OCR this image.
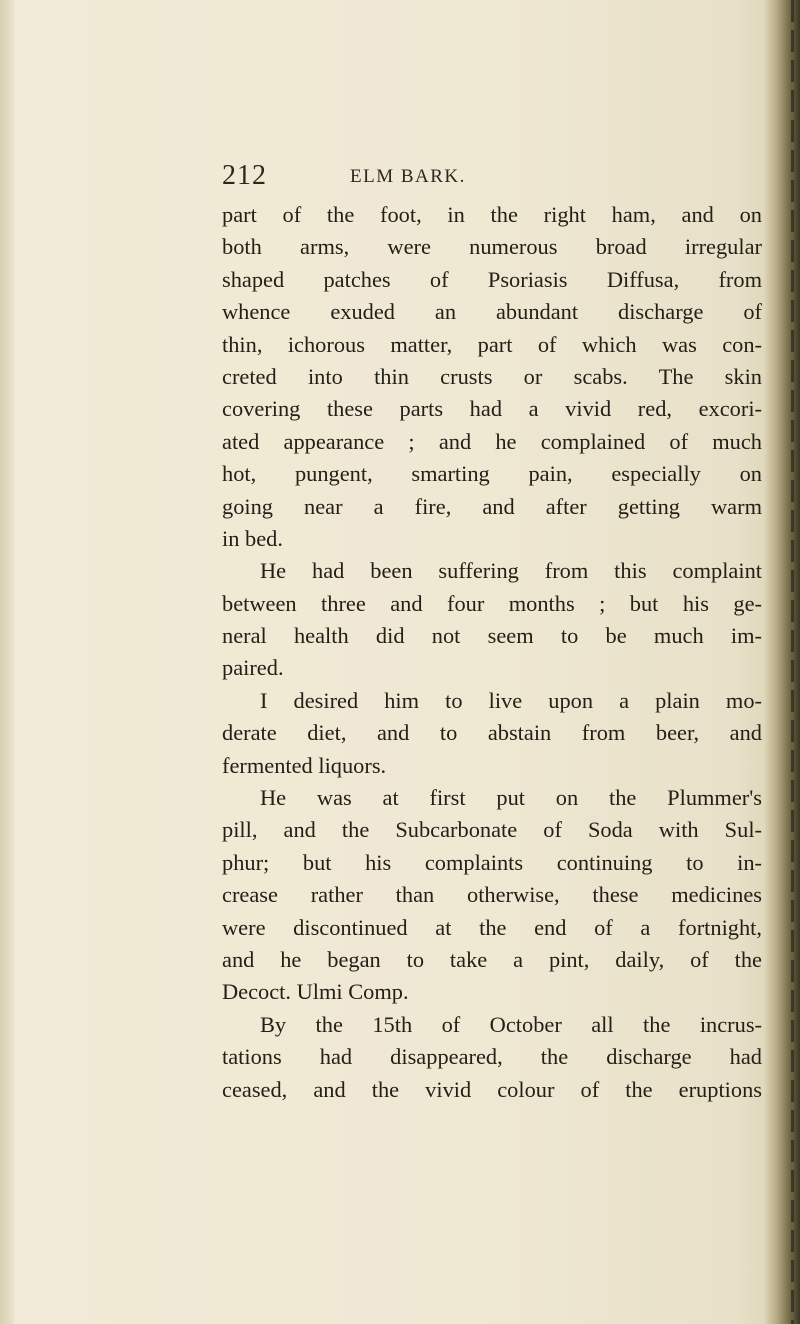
212	ELM BARK.
part of the foot, in the right ham, and on
both arms, were numerous broad irregular
shaped patches of Psoriasis Diffusa, from
whence exuded an abundant discharge of
thin, ichorous matter, part of which was con-
creted into thin crusts or scabs. The skin
covering these parts had a vivid red, excori-
ated appearance ; and he complained of much
hot, pungent, smarting pain, especially on
going near a fire, and after getting warm
in bed.
He had been suffering from this complaint
between three and four months ; but his ge-
neral health did not seem to be much im-
paired.
I desired him to live upon a plain mo-
derate diet, and to abstain from beer, and
fermented liquors.
He was at first put on the Plummer's
pill, and the Subcarbonate of Soda with Sul-
phur; but his complaints continuing to in-
crease rather than otherwise, these medicines
were discontinued at the end of a fortnight,
and he began to take a pint, daily, of the
Decoct. Ulmi Comp.
By the 15th of October all the incrus-
tations had disappeared, the discharge had
ceased, and the vivid colour of the eruptions
